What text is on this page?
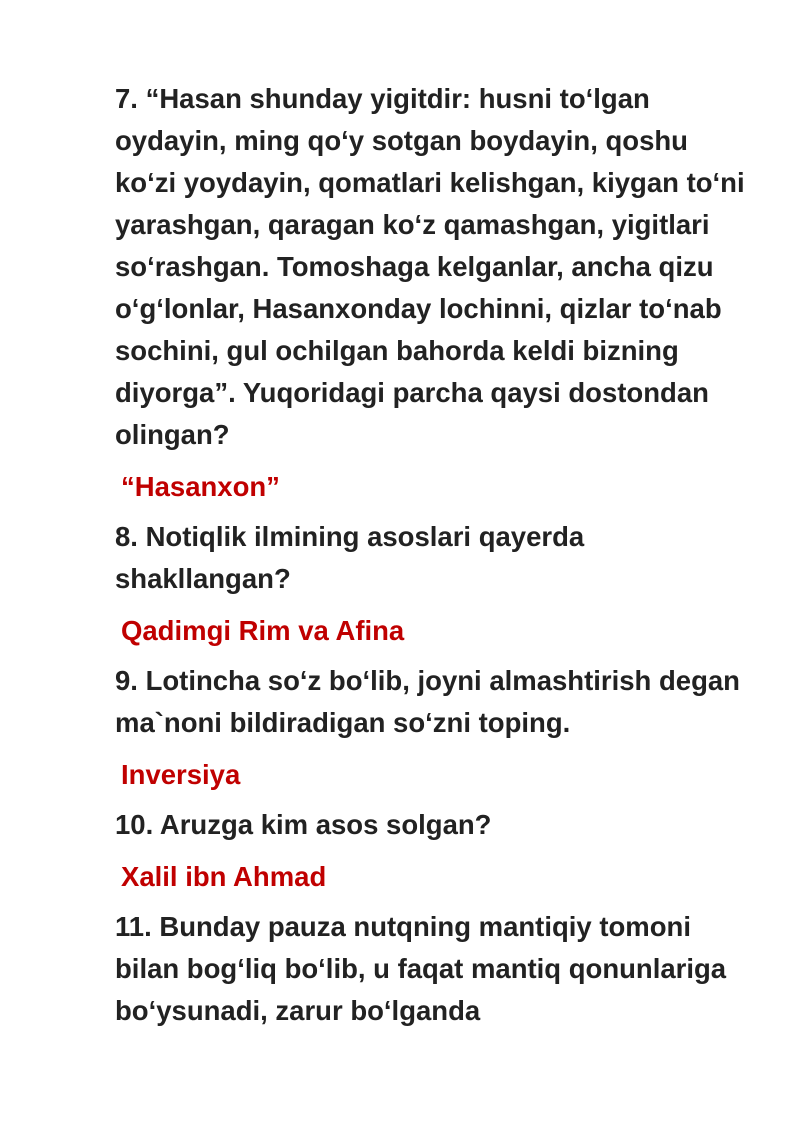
7. “Hasan shunday yigitdir: husni to‘lgan oydayin, ming qo‘y sotgan boydayin, qoshu ko‘zi yoydayin, qomatlari kelishgan, kiygan to‘ni yarashgan, qaragan ko‘z qamashgan, yigitlari so‘rashgan. Tomoshaga kelganlar, ancha qizu o‘g‘lonlar, Hasanxonday lochinni, qizlar to‘nab sochini, gul ochilgan bahorda keldi bizning diyorga”. Yuqoridagi parcha qaysi dostondan olingan?

“Hasanxon”

8. Notiqlik ilmining asoslari qayerda shakllangan?

Qadimgi Rim va Afina

9. Lotincha so‘z bo‘lib, joyni almashtirish degan ma`noni bildiradigan so‘zni toping.

Inversiya

10. Aruzga kim asos solgan?

Xalil ibn Ahmad

11. Bunday pauza nutqning mantiqiy tomoni bilan bog‘liq bo‘lib, u faqat mantiq qonunlariga bo‘ysunadi, zarur bo‘lganda
